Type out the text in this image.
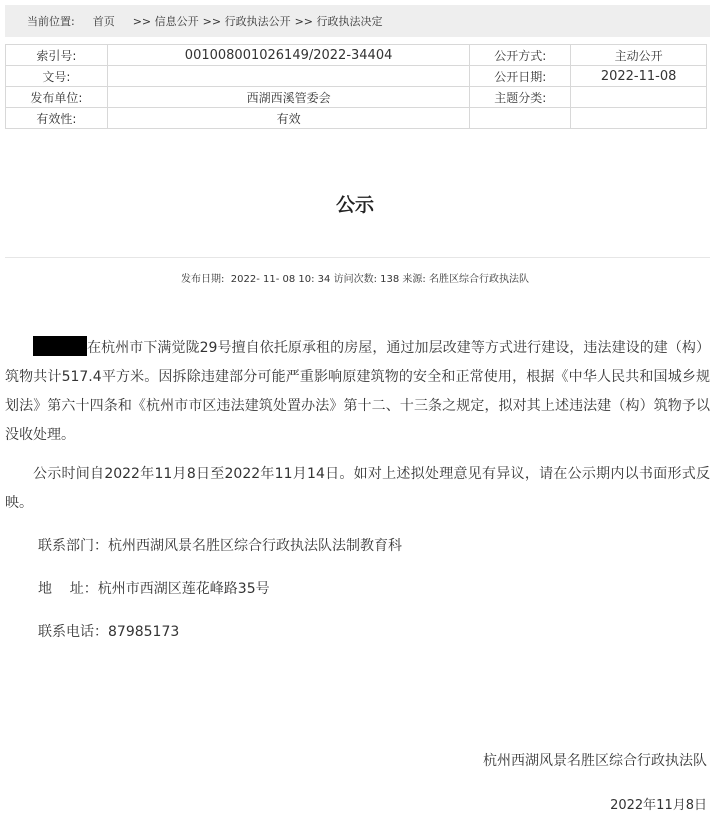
当前位置: 首页 >> 信息公开 >> 行政执法公开 >> 行政执法决定
索引号:	001008001026149/2022-34404	公开方式:	主动公开
文号:		公开日期:	2022-11-08
发布单位:	西湖西溪管委会	主题分类:	
有效性:	有效		
公示
发布日期:  2022- 11- 08 10: 34 访问次数: 138 来源: 名胜区综合行政执法队
在杭州市下满觉陇29号擅自依托原承租的房屋，通过加层改建等方式进行建设，违法建设的建（构）筑物共计517.4平方米。因拆除违建部分可能严重影响原建筑物的安全和正常使用，根据《中华人民共和国城乡规划法》第六十四条和《杭州市市区违法建筑处置办法》第十二、十三条之规定，拟对其上述违法建（构）筑物予以没收处理。
公示时间自2022年11月8日至2022年11月14日。如对上述拟处理意见有异议，请在公示期内以书面形式反映。
联系部门：杭州西湖风景名胜区综合行政执法队法制教育科
地    址：杭州市西湖区莲花峰路35号
联系电话：87985173
杭州西湖风景名胜区综合行政执法队
2022年11月8日
